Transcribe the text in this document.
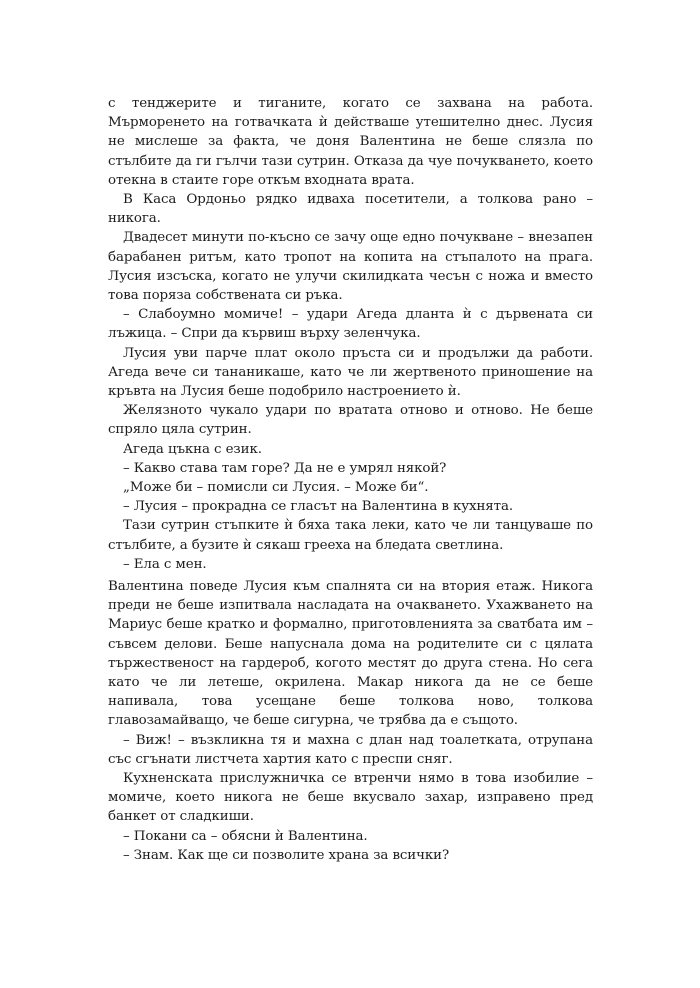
с тенджерите и тиганите, когато се захвана на работа. Мърморенето на готвачката ѝ действаше утешително днес. Лусия не мислеше за факта, че доня Валентина не беше слязла по стълбите да ги гълчи тази сутрин. Отказа да чуе почукването, което отекна в стаите горе откъм входната врата.

В Каса Ордоньо рядко идваха посетители, а толкова рано – никога.

Двадесет минути по-късно се зачу още едно почукване – внезапен барабанен ритъм, като тропот на копита на стъпалото на прага. Лусия изсъска, когато не улучи скилидката чесън с ножа и вместо това поряза собствената си ръка.

– Слабоумно момиче! – удари Агеда дланта ѝ с дървената си лъжица. – Спри да кървиш върху зеленчука.

Лусия уви парче плат около пръста си и продължи да работи. Агеда вече си тананикаше, като че ли жертвеното приношение на кръвта на Лусия беше подобрило настроението ѝ.

Желязното чукало удари по вратата отново и отново. Не беше спряло цяла сутрин.

Агеда цъкна с език.

– Какво става там горе? Да не е умрял някой?

„Може би – помисли си Лусия. – Може би“.

– Лусия – прокрадна се гласът на Валентина в кухнята.

Тази сутрин стъпките ѝ бяха така леки, като че ли танцуваше по стълбите, а бузите ѝ сякаш грееха на бледата светлина.

– Ела с мен.

Валентина поведе Лусия към спалнята си на втория етаж. Никога преди не беше изпитвала насладата на очакването. Ухажването на Мариус беше кратко и формално, приготовленията за сватбата им – съвсем делови. Беше напуснала дома на родителите си с цялата тържественост на гардероб, когото местят до друга стена. Но сега като че ли летеше, окрилена. Макар никога да не се беше напивала, това усещане беше толкова ново, толкова главозамайващо, че беше сигурна, че трябва да е същото.

– Виж! – възкликна тя и махна с длан над тоалетката, отрупана със сгънати листчета хартия като с преспи сняг.

Кухненската прислужничка се втренчи нямо в това изобилие – момиче, което никога не беше вкусвало захар, изправено пред банкет от сладкиши.

– Покани са – обясни ѝ Валентина.

– Знам. Как ще си позволите храна за всички?
